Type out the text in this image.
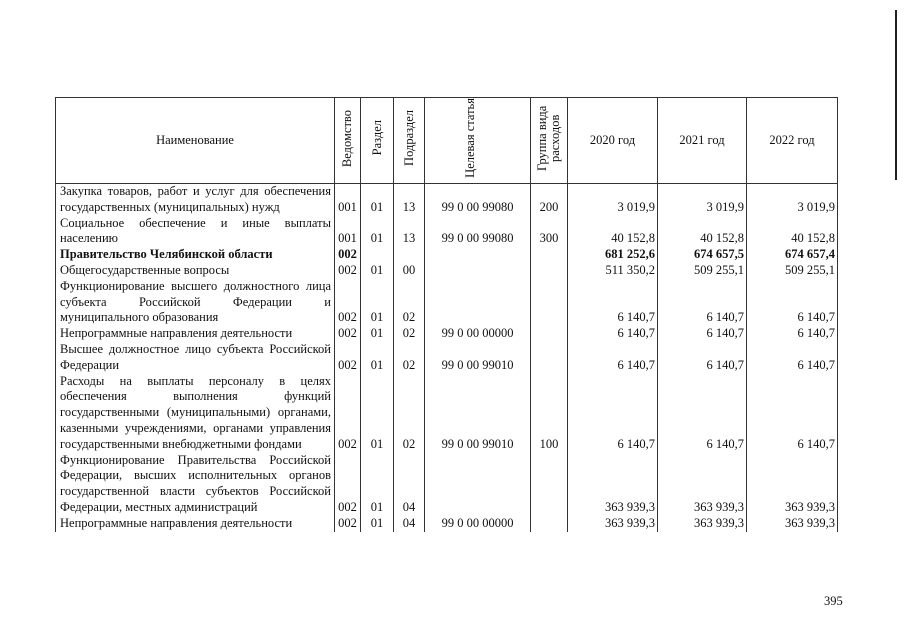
Наименование	Ведомство	Раздел	Подраздел	Целевая статья	Группа вида расходов	2020 год	2021 год	2022 год
Закупка товаров, работ и услуг для обеспечения государственных (муниципальных) нужд	001	01	13	99 0 00 99080	200	3 019,9	3 019,9	3 019,9
Социальное обеспечение и иные выплаты населению	001	01	13	99 0 00 99080	300	40 152,8	40 152,8	40 152,8
Правительство Челябинской области	002					681 252,6	674 657,5	674 657,4
Общегосударственные вопросы	002	01	00			511 350,2	509 255,1	509 255,1
Функционирование высшего должностного лица субъекта Российской Федерации и муниципального образования	002	01	02			6 140,7	6 140,7	6 140,7
Непрограммные направления деятельности	002	01	02	99 0 00 00000		6 140,7	6 140,7	6 140,7
Высшее должностное лицо субъекта Российской Федерации	002	01	02	99 0 00 99010		6 140,7	6 140,7	6 140,7
Расходы на выплаты персоналу в целях обеспечения выполнения функций государственными (муниципальными) органами, казенными учреждениями, органами управления государственными внебюджетными фондами	002	01	02	99 0 00 99010	100	6 140,7	6 140,7	6 140,7
Функционирование Правительства Российской Федерации, высших исполнительных органов государственной власти субъектов Российской Федерации, местных администраций	002	01	04			363 939,3	363 939,3	363 939,3
Непрограммные направления деятельности	002	01	04	99 0 00 00000		363 939,3	363 939,3	363 939,3
395
